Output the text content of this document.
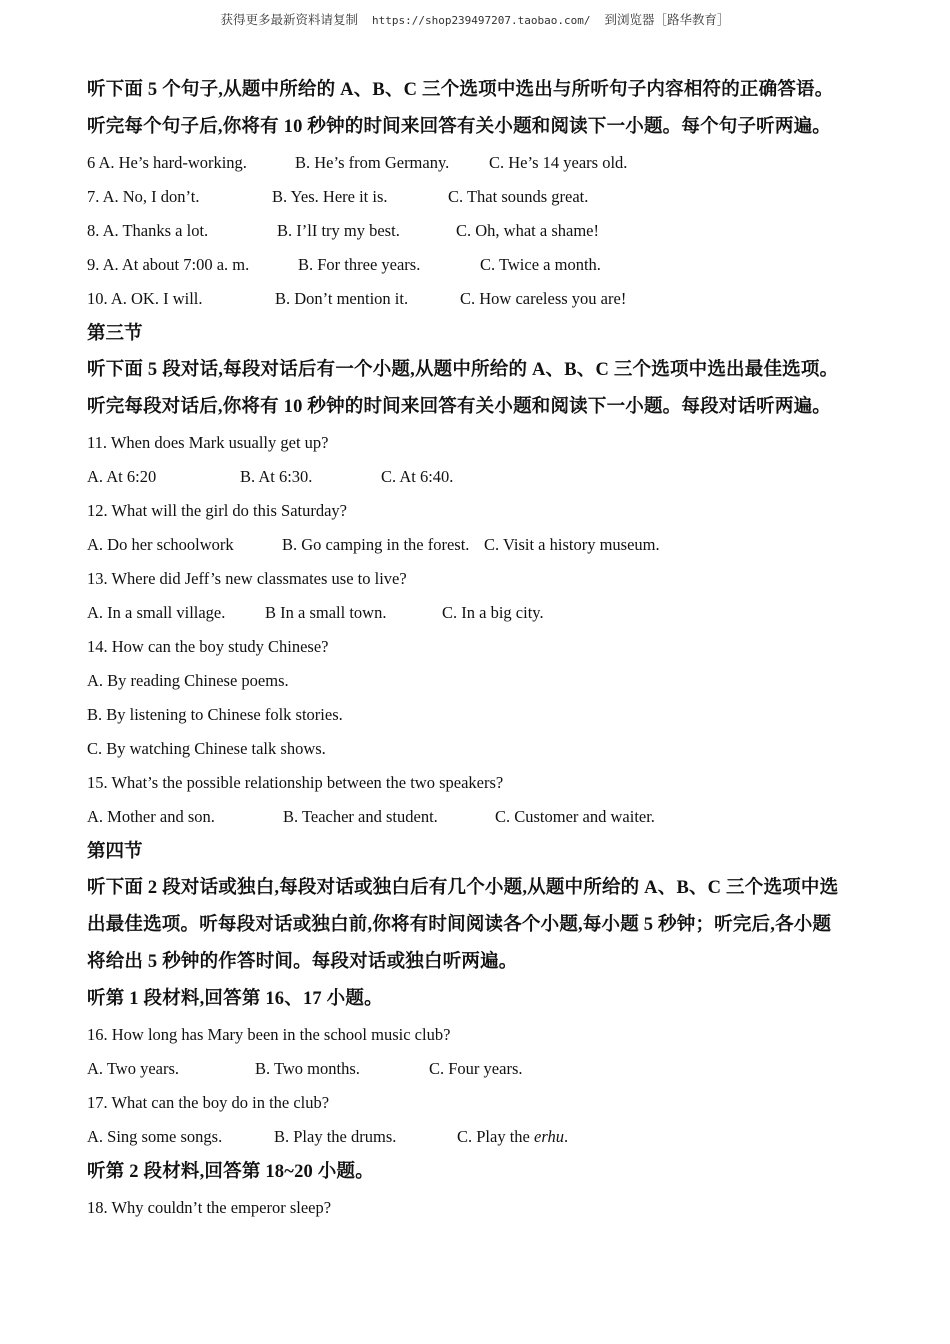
获得更多最新资料请复制 https://shop239497207.taobao.com/ 到浏览器［路华教育］
听下面 5 个句子,从题中所给的 A、B、C 三个选项中选出与所听句子内容相符的正确答语。
听完每个句子后,你将有 10 秒钟的时间来回答有关小题和阅读下一小题。每个句子听两遍。
6 A. He’s hard-working.	B. He’s from Germany. C. He’s 14 years old.
7. A. No, I don’t.	B. Yes. Here it is.	C. That sounds great.
8. A. Thanks a lot.	B. I’lI try my best.	C. Oh, what a shame!
9. A. At about 7:00 a. m.	B. For three years.	C. Twice a month.
10. A. OK. I will.	B. Don’t mention it.	C. How careless you are!
第三节
听下面 5 段对话,每段对话后有一个小题,从题中所给的 A、B、C 三个选项中选出最佳选项。
听完每段对话后,你将有 10 秒钟的时间来回答有关小题和阅读下一小题。每段对话听两遍。
11. When does Mark usually get up?
A. At 6:20	B. At 6:30.	C. At 6:40.
12. What will the girl do this Saturday?
A. Do her schoolwork	B. Go camping in the forest. C. Visit a history museum.
13. Where did Jeff’s new classmates use to live?
A. In a small village. B In a small town.	C. In a big city.
14. How can the boy study Chinese?
A. By reading Chinese poems.
B. By listening to Chinese folk stories.
C. By watching Chinese talk shows.
15. What’s the possible relationship between the two speakers?
A. Mother and son.	B. Teacher and student.	C. Customer and waiter.
第四节
听下面 2 段对话或独白,每段对话或独白后有几个小题,从题中所给的 A、B、C 三个选项中选
出最佳选项。听每段对话或独白前,你将有时间阅读各个小题,每小题 5 秒钟；听完后,各小题
将给出 5 秒钟的作答时间。每段对话或独白听两遍。
听第 1 段材料,回答第 16、17 小题。
16. How long has Mary been in the school music club?
A. Two years.	B. Two months.	C. Four years.
17. What can the boy do in the club?
A. Sing some songs.	B. Play the drums.	C. Play the erhu.
听第 2 段材料,回答第 18~20 小题。
18. Why couldn’t the emperor sleep?
